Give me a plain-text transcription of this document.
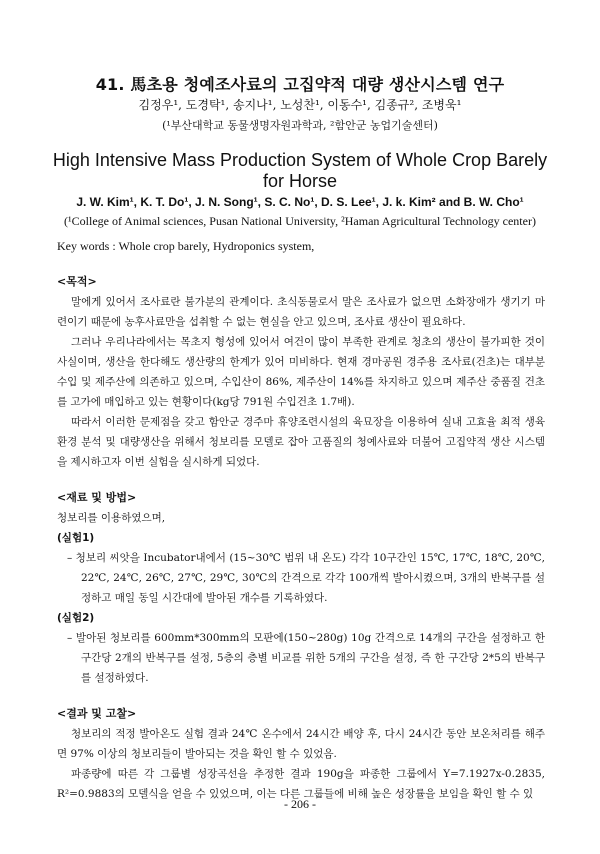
41. 馬초용 청예조사료의 고집약적 대량 생산시스템 연구
김정우¹, 도경탁¹, 송지나¹, 노성찬¹, 이동수¹, 김종규², 조병욱¹
(¹부산대학교 동물생명자원과학과, ²함안군 농업기술센터)
High Intensive Mass Production System of Whole Crop Barely
for Horse
J. W. Kim¹, K. T. Do¹, J. N. Song¹, S. C. No¹, D. S. Lee¹, J. k. Kim² and B. W. Cho¹
(¹College of Animal sciences, Pusan National University, ²Haman Agricultural Technology center)
Key words : Whole crop barely, Hydroponics system,

<목적>

말에게 있어서 조사료란 불가분의 관계이다. 초식동물로서 말은 조사료가 없으면 소화장애가 생기기 마련이기 때문에 농후사료만을 섭취할 수 없는 현실을 안고 있으며, 조사료 생산이 필요하다.

그러나 우리나라에서는 목초지 형성에 있어서 여건이 많이 부족한 관계로 청초의 생산이 불가피한 것이 사실이며, 생산을 한다해도 생산량의 한계가 있어 미비하다. 현재 경마공원 경주용 조사료(건초)는 대부분 수입 및 제주산에 의존하고 있으며, 수입산이 86%, 제주산이 14%를 차지하고 있으며 제주산 중품질 건초를 고가에 매입하고 있는 현황이다(kg당 791원 수입건초 1.7배).

따라서 이러한 문제점을 갖고 함안군 경주마 휴양조련시설의 육묘장을 이용하여 실내 고효율 최적 생육환경 분석 및 대량생산을 위해서 청보리를 모델로 잡아 고품질의 청예사료와 더불어 고집약적 생산 시스템을 제시하고자 이번 실험을 실시하게 되었다.

<재료 및 방법>

청보리를 이용하였으며,

(실험1)

– 청보리 씨앗을 Incubator내에서 (15~30℃ 범위 내 온도) 각각 10구간인 15℃, 17℃, 18℃, 20℃, 22℃, 24℃, 26℃, 27℃, 29℃, 30℃의 간격으로 각각 100개씩 발아시켰으며, 3개의 반복구를 설정하고 매일 동일 시간대에 발아된 개수를 기록하였다.

(실험2)

– 발아된 청보리를 600mm*300mm의 모판에(150~280g) 10g 간격으로 14개의 구간을 설정하고 한 구간당 2개의 반복구를 설정, 5층의 층별 비교를 위한 5개의 구간을 설정, 즉 한 구간당 2*5의 반복구를 설정하였다.

<결과 및 고찰>

청보리의 적정 발아온도 실험 결과 24℃ 온수에서 24시간 배양 후, 다시 24시간 동안 보온처리를 해주면 97% 이상의 청보리들이 발아되는 것을 확인 할 수 있었음.

파종량에 따른 각 그룹별 성장곡선을 추정한 결과 190g을 파종한 그룹에서 Y=7.1927x-0.2835, R²=0.9883의 모델식을 얻을 수 있었으며, 이는 다른 그룹들에 비해 높은 성장률을 보임을 확인 할 수 있

- 206 -
